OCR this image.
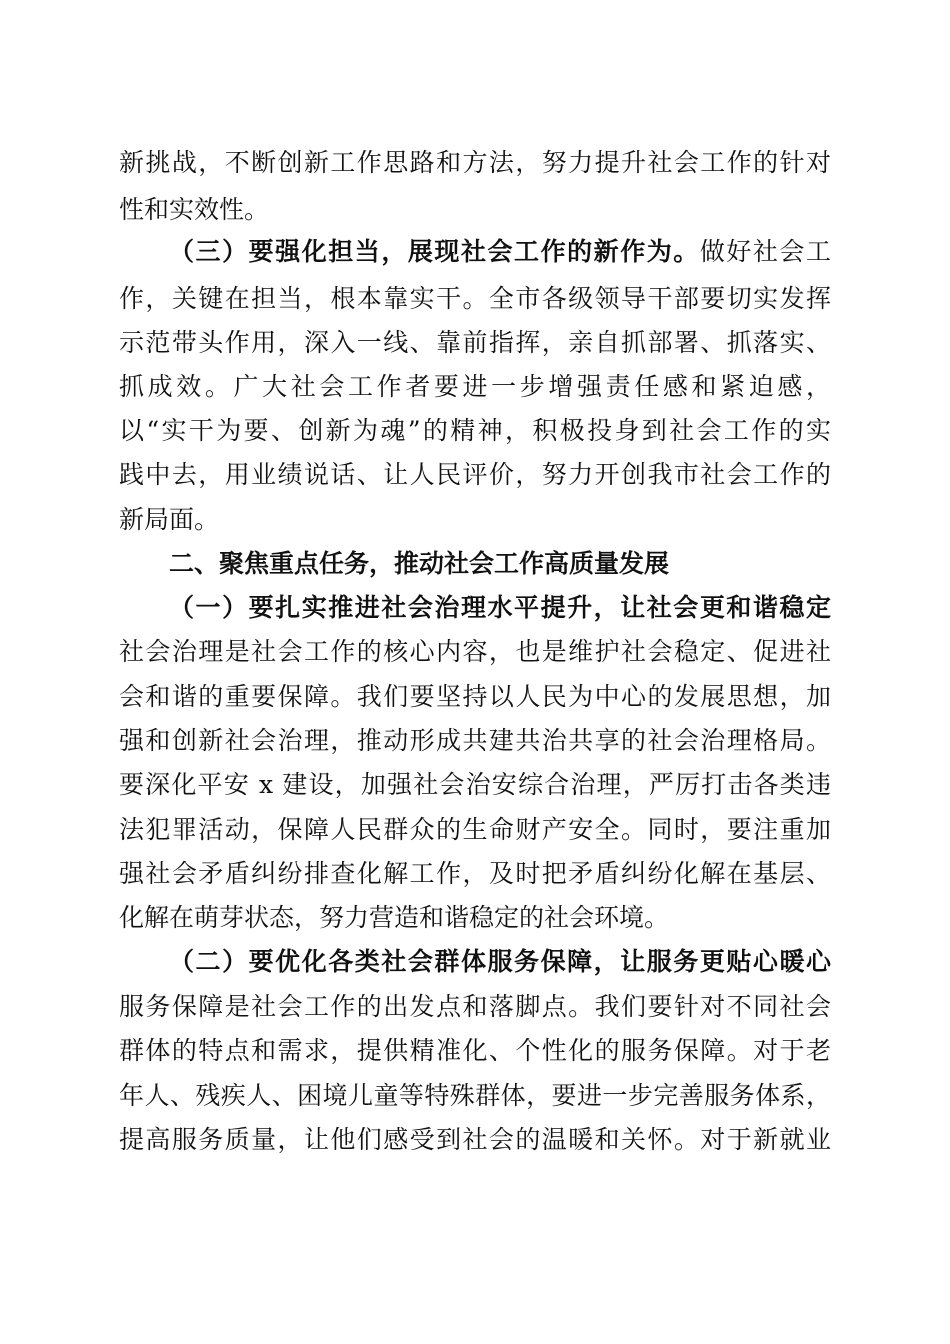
新挑战，不断创新工作思路和方法，努力提升社会工作的针对
性和实效性。
（三）要强化担当，展现社会工作的新作为。做好社会工
作，关键在担当，根本靠实干。全市各级领导干部要切实发挥
示范带头作用，深入一线、靠前指挥，亲自抓部署、抓落实、
抓成效。广大社会工作者要进一步增强责任感和紧迫感，
以“实干为要、创新为魂”的精神，积极投身到社会工作的实
践中去，用业绩说话、让人民评价，努力开创我市社会工作的
新局面。
二、聚焦重点任务，推动社会工作高质量发展
（一）要扎实推进社会治理水平提升，让社会更和谐稳定
社会治理是社会工作的核心内容，也是维护社会稳定、促进社
会和谐的重要保障。我们要坚持以人民为中心的发展思想，加
强和创新社会治理，推动形成共建共治共享的社会治理格局。
要深化平安 x 建设，加强社会治安综合治理，严厉打击各类违
法犯罪活动，保障人民群众的生命财产安全。同时，要注重加
强社会矛盾纠纷排查化解工作，及时把矛盾纠纷化解在基层、
化解在萌芽状态，努力营造和谐稳定的社会环境。
（二）要优化各类社会群体服务保障，让服务更贴心暖心
服务保障是社会工作的出发点和落脚点。我们要针对不同社会
群体的特点和需求，提供精准化、个性化的服务保障。对于老
年人、残疾人、困境儿童等特殊群体，要进一步完善服务体系，
提高服务质量，让他们感受到社会的温暖和关怀。对于新就业
